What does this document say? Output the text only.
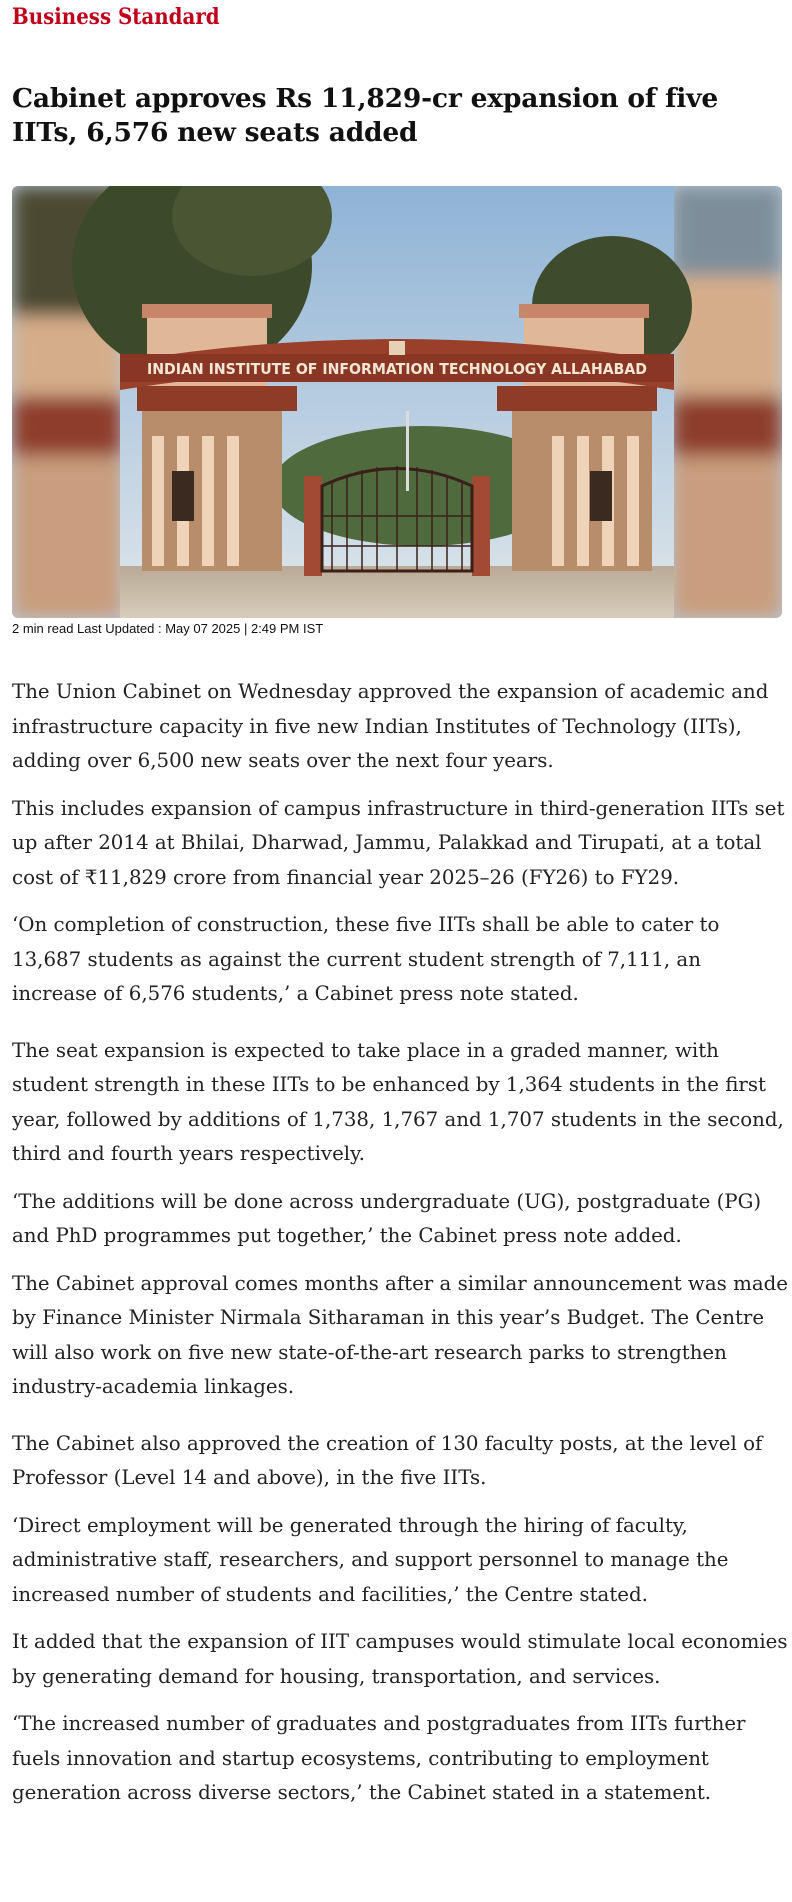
Business Standard
Cabinet approves Rs 11,829-cr expansion of five IITs, 6,576 new seats added
INDIAN INSTITUTE OF INFORMATION TECHNOLOGY ALLAHABAD
2 min read Last Updated : May 07 2025 | 2:49 PM IST

The Union Cabinet on Wednesday approved the expansion of academic and infrastructure capacity in five new Indian Institutes of Technology (IITs), adding over 6,500 new seats over the next four years.

This includes expansion of campus infrastructure in third-generation IITs set up after 2014 at Bhilai, Dharwad, Jammu, Palakkad and Tirupati, at a total cost of ₹11,829 crore from financial year 2025–26 (FY26) to FY29.

‘On completion of construction, these five IITs shall be able to cater to 13,687 students as against the current student strength of 7,111, an increase of 6,576 students,’ a Cabinet press note stated.

The seat expansion is expected to take place in a graded manner, with student strength in these IITs to be enhanced by 1,364 students in the first year, followed by additions of 1,738, 1,767 and 1,707 students in the second, third and fourth years respectively.

‘The additions will be done across undergraduate (UG), postgraduate (PG) and PhD programmes put together,’ the Cabinet press note added.

The Cabinet approval comes months after a similar announcement was made by Finance Minister Nirmala Sitharaman in this year’s Budget. The Centre will also work on five new state-of-the-art research parks to strengthen industry-academia linkages.

The Cabinet also approved the creation of 130 faculty posts, at the level of Professor (Level 14 and above), in the five IITs.

‘Direct employment will be generated through the hiring of faculty, administrative staff, researchers, and support personnel to manage the increased number of students and facilities,’ the Centre stated.

It added that the expansion of IIT campuses would stimulate local economies by generating demand for housing, transportation, and services.

‘The increased number of graduates and postgraduates from IITs further fuels innovation and startup ecosystems, contributing to employment generation across diverse sectors,’ the Cabinet stated in a statement.
